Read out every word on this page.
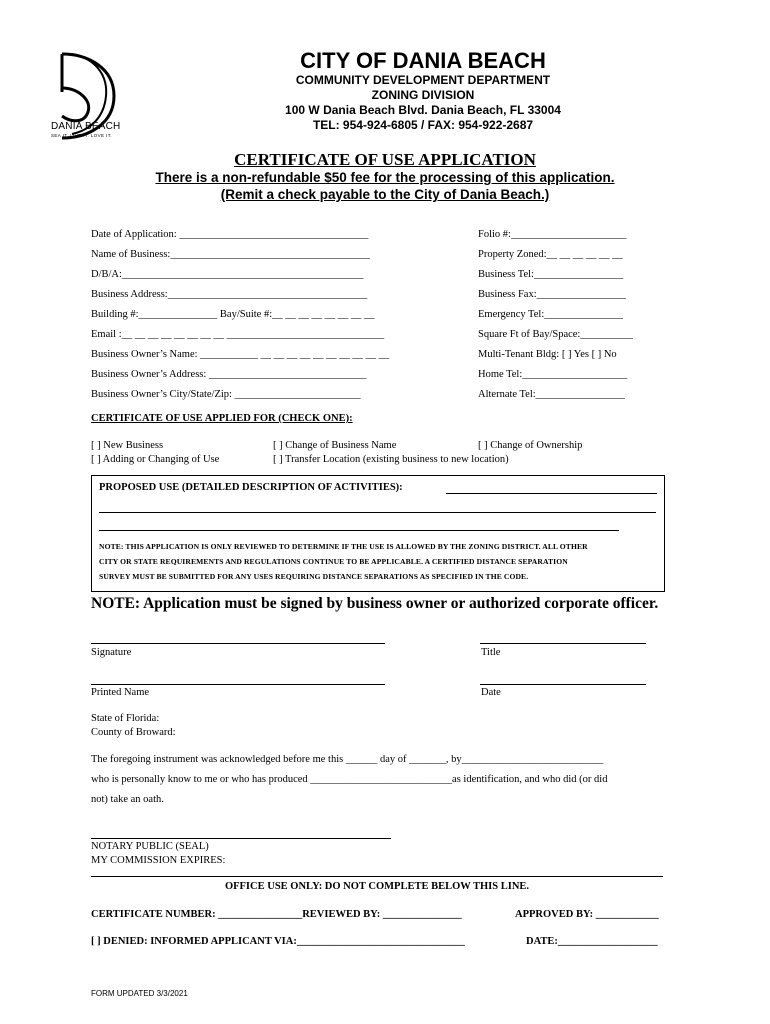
DANIA BEACH
SEA IT. LIVE IT. LOVE IT.
CITY OF DANIA BEACH
COMMUNITY DEVELOPMENT DEPARTMENT
ZONING DIVISION
100 W Dania Beach Blvd. Dania Beach, FL 33004
TEL: 954-924-6805 / FAX: 954-922-2687
CERTIFICATE OF USE APPLICATION
There is a non-refundable $50 fee for the processing of this application.
(Remit a check payable to the City of Dania Beach.)
Date of Application: ____________________________________
Name of Business:______________________________________
D/B/A:______________________________________________
Business Address:______________________________________
Building #:_______________ Bay/Suite #:__ __ __ __ __ __ __ __
Email :__ __ __ __ __ __ __ __ ______________________________
Business Owner’s Name: ___________ __ __ __ __ __ __ __ __ __ __
Business Owner’s Address: ______________________________
Business Owner’s City/State/Zip: ________________________
Folio #:______________________
Property Zoned:__ __ __ __ __ __
Business Tel:_________________
Business Fax:_________________
Emergency Tel:_______________
Square Ft of Bay/Space:__________
Multi-Tenant Bldg: [ ] Yes [ ] No
Home Tel:____________________
Alternate Tel:_________________
CERTIFICATE OF USE APPLIED FOR (CHECK ONE):
[ ] New Business
[ ] Adding or Changing of Use
[ ] Change of Business Name
[ ] Transfer Location (existing business to new location)
[ ] Change of Ownership
PROPOSED USE (DETAILED DESCRIPTION OF ACTIVITIES):
NOTE: THIS APPLICATION IS ONLY REVIEWED TO DETERMINE IF THE USE IS ALLOWED BY THE ZONING DISTRICT. ALL OTHER
CITY OR STATE REQUIREMENTS AND REGULATIONS CONTINUE TO BE APPLICABLE. A CERTIFIED DISTANCE SEPARATION
SURVEY MUST BE SUBMITTED FOR ANY USES REQUIRING DISTANCE SEPARATIONS AS SPECIFIED IN THE CODE.
NOTE: Application must be signed by business owner or authorized corporate officer.
Signature	Title
Printed Name	Date
State of Florida:
County of Broward:
The foregoing instrument was acknowledged before me this ______ day of _______, by___________________________
who is personally know to me or who has produced ___________________________as identification, and who did (or did
not) take an oath.
NOTARY PUBLIC (SEAL)
MY COMMISSION EXPIRES:
OFFICE USE ONLY: DO NOT COMPLETE BELOW THIS LINE.
CERTIFICATE NUMBER: ________________REVIEWED BY: _______________	APPROVED BY: ____________
[ ] DENIED: INFORMED APPLICANT VIA:________________________________	DATE:___________________
FORM UPDATED 3/3/2021
